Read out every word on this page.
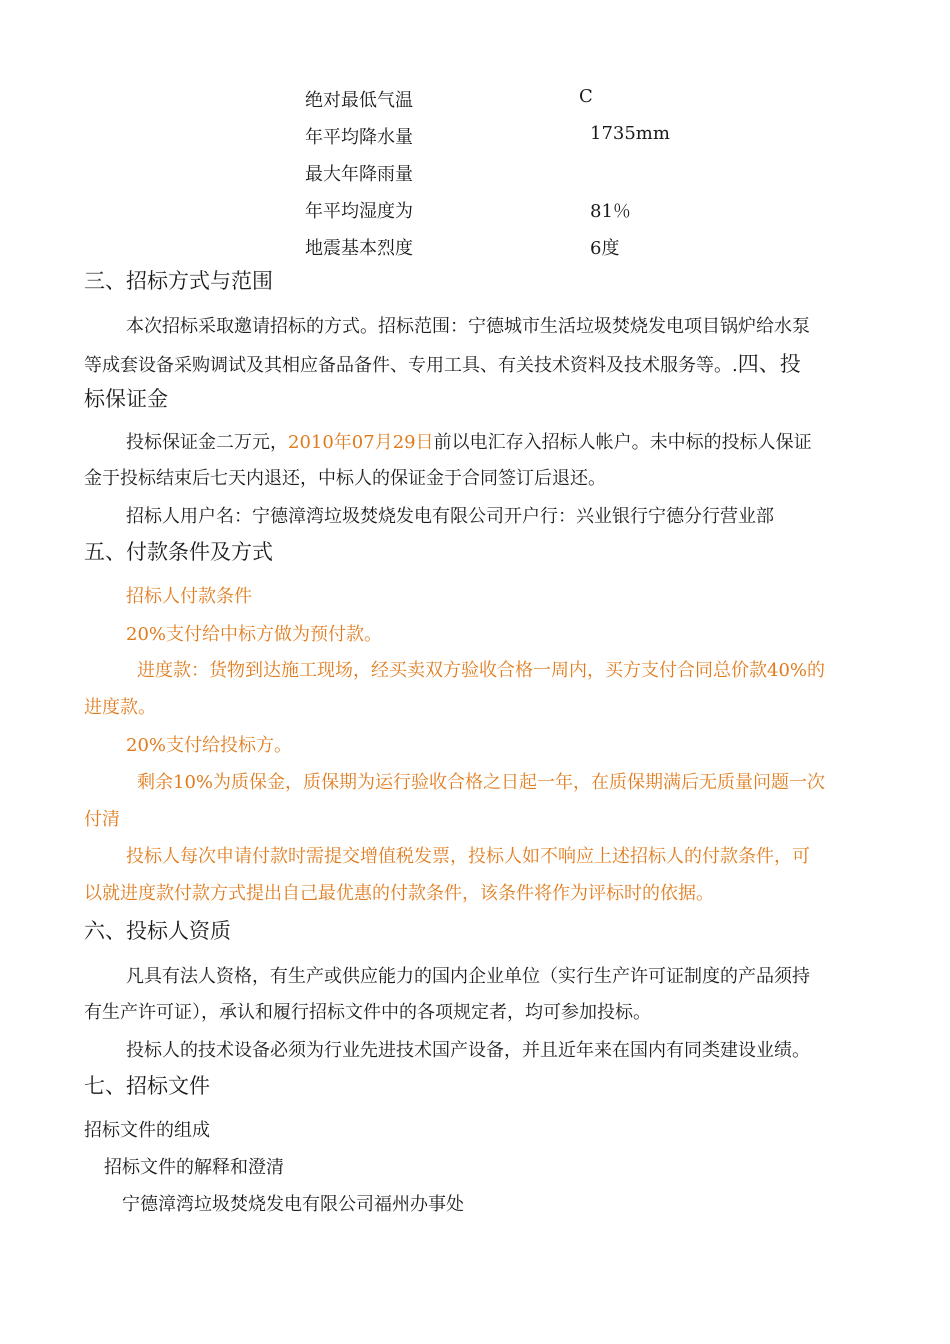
绝对最低气温	C
年平均降水量	1735mm
最大年降雨量
年平均湿度为	81％
地震基本烈度	6度
三、招标方式与范围
本次招标采取邀请招标的方式。招标范围：宁德城市生活垃圾焚烧发电项目锅炉给水泵
等成套设备采购调试及其相应备品备件、专用工具、有关技术资料及技术服务等。.四、投
标保证金
投标保证金二万元，2010年07月29日前以电汇存入招标人帐户。未中标的投标人保证
金于投标结束后七天内退还，中标人的保证金于合同签订后退还。
招标人用户名：宁德漳湾垃圾焚烧发电有限公司开户行：兴业银行宁德分行营业部
五、付款条件及方式
招标人付款条件
20%支付给中标方做为预付款。
进度款：货物到达施工现场，经买卖双方验收合格一周内，买方支付合同总价款40%的
进度款。
20%支付给投标方。
剩余10%为质保金，质保期为运行验收合格之日起一年，在质保期满后无质量问题一次
付清
投标人每次申请付款时需提交增值税发票，投标人如不响应上述招标人的付款条件，可
以就进度款付款方式提出自己最优惠的付款条件，该条件将作为评标时的依据。
六、投标人资质
凡具有法人资格，有生产或供应能力的国内企业单位（实行生产许可证制度的产品须持
有生产许可证），承认和履行招标文件中的各项规定者，均可参加投标。
投标人的技术设备必须为行业先进技术国产设备，并且近年来在国内有同类建设业绩。
七、招标文件
招标文件的组成
招标文件的解释和澄清
宁德漳湾垃圾焚烧发电有限公司福州办事处
